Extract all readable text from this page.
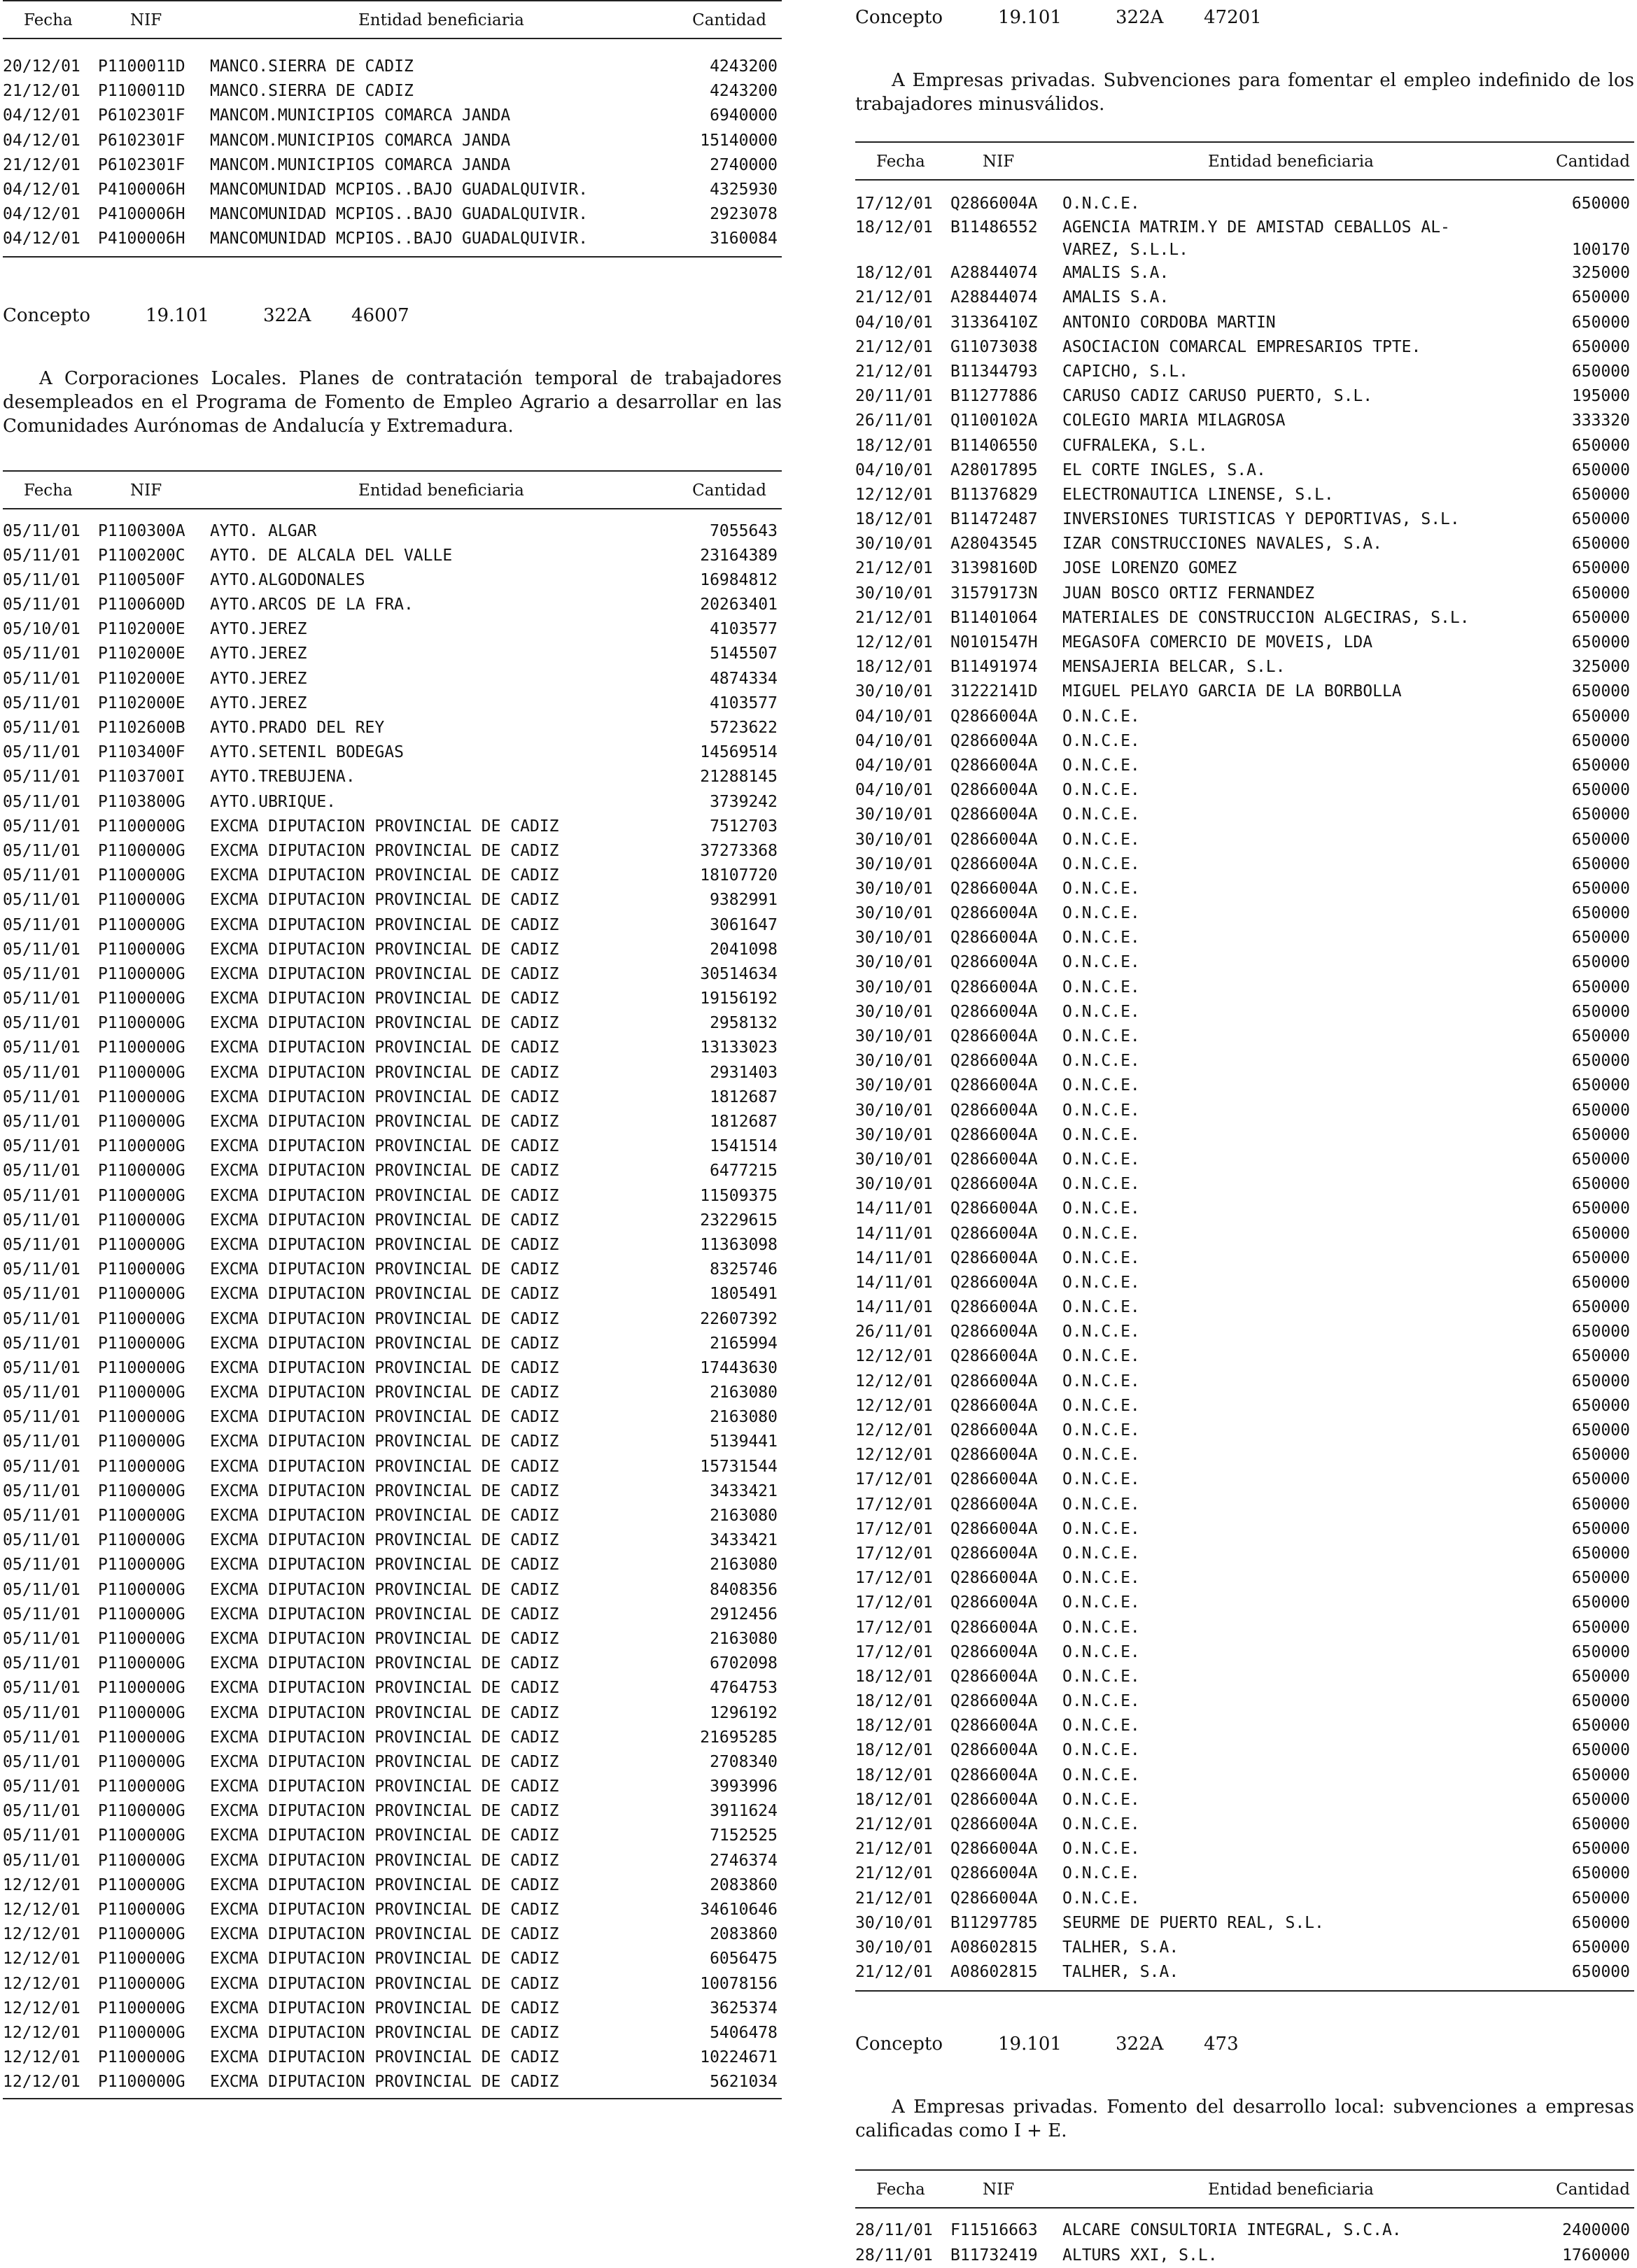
Fecha	NIF	Entidad beneficiaria	Cantidad
20/12/01 P1100011D MANCO.SIERRA DE CADIZ	4243200
21/12/01 P1100011D MANCO.SIERRA DE CADIZ	4243200
04/12/01 P6102301F MANCOM.MUNICIPIOS COMARCA JANDA	6940000
04/12/01 P6102301F MANCOM.MUNICIPIOS COMARCA JANDA	15140000
21/12/01 P6102301F MANCOM.MUNICIPIOS COMARCA JANDA	2740000
04/12/01 P4100006H MANCOMUNIDAD MCPIOS..BAJO GUADALQUIVIR.	4325930
04/12/01 P4100006H MANCOMUNIDAD MCPIOS..BAJO GUADALQUIVIR.	2923078
04/12/01 P4100006H MANCOMUNIDAD MCPIOS..BAJO GUADALQUIVIR.	3160084
Concepto	19.101	322A 46007
A Corporaciones Locales. Planes de contratación temporal de trabajadores desempleados en el Programa de Fomento de Empleo Agrario a desarrollar en las Comunidades Aurónomas de Andalucía y Extremadura.
Fecha	NIF	Entidad beneficiaria	Cantidad
05/11/01 P1100300A AYTO. ALGAR	7055643
05/11/01 P1100200C AYTO. DE ALCALA DEL VALLE	23164389
05/11/01 P1100500F AYTO.ALGODONALES	16984812
05/11/01 P1100600D AYTO.ARCOS DE LA FRA.	20263401
05/10/01 P1102000E AYTO.JEREZ	4103577
05/11/01 P1102000E AYTO.JEREZ	5145507
05/11/01 P1102000E AYTO.JEREZ	4874334
05/11/01 P1102000E AYTO.JEREZ	4103577
05/11/01 P1102600B AYTO.PRADO DEL REY	5723622
05/11/01 P1103400F AYTO.SETENIL BODEGAS	14569514
05/11/01 P1103700I AYTO.TREBUJENA.	21288145
05/11/01 P1103800G AYTO.UBRIQUE.	3739242
05/11/01 P1100000G EXCMA DIPUTACION PROVINCIAL DE CADIZ	7512703
05/11/01 P1100000G EXCMA DIPUTACION PROVINCIAL DE CADIZ	37273368
05/11/01 P1100000G EXCMA DIPUTACION PROVINCIAL DE CADIZ	18107720
05/11/01 P1100000G EXCMA DIPUTACION PROVINCIAL DE CADIZ	9382991
05/11/01 P1100000G EXCMA DIPUTACION PROVINCIAL DE CADIZ	3061647
05/11/01 P1100000G EXCMA DIPUTACION PROVINCIAL DE CADIZ	2041098
05/11/01 P1100000G EXCMA DIPUTACION PROVINCIAL DE CADIZ	30514634
05/11/01 P1100000G EXCMA DIPUTACION PROVINCIAL DE CADIZ	19156192
05/11/01 P1100000G EXCMA DIPUTACION PROVINCIAL DE CADIZ	2958132
05/11/01 P1100000G EXCMA DIPUTACION PROVINCIAL DE CADIZ	13133023
05/11/01 P1100000G EXCMA DIPUTACION PROVINCIAL DE CADIZ	2931403
05/11/01 P1100000G EXCMA DIPUTACION PROVINCIAL DE CADIZ	1812687
05/11/01 P1100000G EXCMA DIPUTACION PROVINCIAL DE CADIZ	1812687
05/11/01 P1100000G EXCMA DIPUTACION PROVINCIAL DE CADIZ	1541514
05/11/01 P1100000G EXCMA DIPUTACION PROVINCIAL DE CADIZ	6477215
05/11/01 P1100000G EXCMA DIPUTACION PROVINCIAL DE CADIZ	11509375
05/11/01 P1100000G EXCMA DIPUTACION PROVINCIAL DE CADIZ	23229615
05/11/01 P1100000G EXCMA DIPUTACION PROVINCIAL DE CADIZ	11363098
05/11/01 P1100000G EXCMA DIPUTACION PROVINCIAL DE CADIZ	8325746
05/11/01 P1100000G EXCMA DIPUTACION PROVINCIAL DE CADIZ	1805491
05/11/01 P1100000G EXCMA DIPUTACION PROVINCIAL DE CADIZ	22607392
05/11/01 P1100000G EXCMA DIPUTACION PROVINCIAL DE CADIZ	2165994
05/11/01 P1100000G EXCMA DIPUTACION PROVINCIAL DE CADIZ	17443630
05/11/01 P1100000G EXCMA DIPUTACION PROVINCIAL DE CADIZ	2163080
05/11/01 P1100000G EXCMA DIPUTACION PROVINCIAL DE CADIZ	2163080
05/11/01 P1100000G EXCMA DIPUTACION PROVINCIAL DE CADIZ	5139441
05/11/01 P1100000G EXCMA DIPUTACION PROVINCIAL DE CADIZ	15731544
05/11/01 P1100000G EXCMA DIPUTACION PROVINCIAL DE CADIZ	3433421
05/11/01 P1100000G EXCMA DIPUTACION PROVINCIAL DE CADIZ	2163080
05/11/01 P1100000G EXCMA DIPUTACION PROVINCIAL DE CADIZ	3433421
05/11/01 P1100000G EXCMA DIPUTACION PROVINCIAL DE CADIZ	2163080
05/11/01 P1100000G EXCMA DIPUTACION PROVINCIAL DE CADIZ	8408356
05/11/01 P1100000G EXCMA DIPUTACION PROVINCIAL DE CADIZ	2912456
05/11/01 P1100000G EXCMA DIPUTACION PROVINCIAL DE CADIZ	2163080
05/11/01 P1100000G EXCMA DIPUTACION PROVINCIAL DE CADIZ	6702098
05/11/01 P1100000G EXCMA DIPUTACION PROVINCIAL DE CADIZ	4764753
05/11/01 P1100000G EXCMA DIPUTACION PROVINCIAL DE CADIZ	1296192
05/11/01 P1100000G EXCMA DIPUTACION PROVINCIAL DE CADIZ	21695285
05/11/01 P1100000G EXCMA DIPUTACION PROVINCIAL DE CADIZ	2708340
05/11/01 P1100000G EXCMA DIPUTACION PROVINCIAL DE CADIZ	3993996
05/11/01 P1100000G EXCMA DIPUTACION PROVINCIAL DE CADIZ	3911624
05/11/01 P1100000G EXCMA DIPUTACION PROVINCIAL DE CADIZ	7152525
05/11/01 P1100000G EXCMA DIPUTACION PROVINCIAL DE CADIZ	2746374
12/12/01 P1100000G EXCMA DIPUTACION PROVINCIAL DE CADIZ	2083860
12/12/01 P1100000G EXCMA DIPUTACION PROVINCIAL DE CADIZ	34610646
12/12/01 P1100000G EXCMA DIPUTACION PROVINCIAL DE CADIZ	2083860
12/12/01 P1100000G EXCMA DIPUTACION PROVINCIAL DE CADIZ	6056475
12/12/01 P1100000G EXCMA DIPUTACION PROVINCIAL DE CADIZ	10078156
12/12/01 P1100000G EXCMA DIPUTACION PROVINCIAL DE CADIZ	3625374
12/12/01 P1100000G EXCMA DIPUTACION PROVINCIAL DE CADIZ	5406478
12/12/01 P1100000G EXCMA DIPUTACION PROVINCIAL DE CADIZ	10224671
12/12/01 P1100000G EXCMA DIPUTACION PROVINCIAL DE CADIZ	5621034
Concepto	19.101	322A 47201
A Empresas privadas. Subvenciones para fomentar el empleo indefinido de los trabajadores minusválidos.
Fecha	NIF	Entidad beneficiaria	Cantidad
17/12/01 Q2866004A O.N.C.E.	650000
18/12/01 B11486552 AGENCIA MATRIM.Y DE AMISTAD CEBALLOS AL-
VAREZ, S.L.L.	100170
18/12/01 A28844074 AMALIS S.A.	325000
21/12/01 A28844074 AMALIS S.A.	650000
04/10/01 31336410Z ANTONIO CORDOBA MARTIN	650000
21/12/01 G11073038 ASOCIACION COMARCAL EMPRESARIOS TPTE.	650000
21/12/01 B11344793 CAPICHO, S.L.	650000
20/11/01 B11277886 CARUSO CADIZ CARUSO PUERTO, S.L.	195000
26/11/01 Q1100102A COLEGIO MARIA MILAGROSA	333320
18/12/01 B11406550 CUFRALEKA, S.L.	650000
04/10/01 A28017895 EL CORTE INGLES, S.A.	650000
12/12/01 B11376829 ELECTRONAUTICA LINENSE, S.L.	650000
18/12/01 B11472487 INVERSIONES TURISTICAS Y DEPORTIVAS, S.L.	650000
30/10/01 A28043545 IZAR CONSTRUCCIONES NAVALES, S.A.	650000
21/12/01 31398160D JOSE LORENZO GOMEZ	650000
30/10/01 31579173N JUAN BOSCO ORTIZ FERNANDEZ	650000
21/12/01 B11401064 MATERIALES DE CONSTRUCCION ALGECIRAS, S.L.	650000
12/12/01 N0101547H MEGASOFA COMERCIO DE MOVEIS, LDA	650000
18/12/01 B11491974 MENSAJERIA BELCAR, S.L.	325000
30/10/01 31222141D MIGUEL PELAYO GARCIA DE LA BORBOLLA	650000
04/10/01 Q2866004A O.N.C.E.	650000
04/10/01 Q2866004A O.N.C.E.	650000
04/10/01 Q2866004A O.N.C.E.	650000
04/10/01 Q2866004A O.N.C.E.	650000
30/10/01 Q2866004A O.N.C.E.	650000
30/10/01 Q2866004A O.N.C.E.	650000
30/10/01 Q2866004A O.N.C.E.	650000
30/10/01 Q2866004A O.N.C.E.	650000
30/10/01 Q2866004A O.N.C.E.	650000
30/10/01 Q2866004A O.N.C.E.	650000
30/10/01 Q2866004A O.N.C.E.	650000
30/10/01 Q2866004A O.N.C.E.	650000
30/10/01 Q2866004A O.N.C.E.	650000
30/10/01 Q2866004A O.N.C.E.	650000
30/10/01 Q2866004A O.N.C.E.	650000
30/10/01 Q2866004A O.N.C.E.	650000
30/10/01 Q2866004A O.N.C.E.	650000
30/10/01 Q2866004A O.N.C.E.	650000
30/10/01 Q2866004A O.N.C.E.	650000
30/10/01 Q2866004A O.N.C.E.	650000
14/11/01 Q2866004A O.N.C.E.	650000
14/11/01 Q2866004A O.N.C.E.	650000
14/11/01 Q2866004A O.N.C.E.	650000
14/11/01 Q2866004A O.N.C.E.	650000
14/11/01 Q2866004A O.N.C.E.	650000
26/11/01 Q2866004A O.N.C.E.	650000
12/12/01 Q2866004A O.N.C.E.	650000
12/12/01 Q2866004A O.N.C.E.	650000
12/12/01 Q2866004A O.N.C.E.	650000
12/12/01 Q2866004A O.N.C.E.	650000
12/12/01 Q2866004A O.N.C.E.	650000
17/12/01 Q2866004A O.N.C.E.	650000
17/12/01 Q2866004A O.N.C.E.	650000
17/12/01 Q2866004A O.N.C.E.	650000
17/12/01 Q2866004A O.N.C.E.	650000
17/12/01 Q2866004A O.N.C.E.	650000
17/12/01 Q2866004A O.N.C.E.	650000
17/12/01 Q2866004A O.N.C.E.	650000
17/12/01 Q2866004A O.N.C.E.	650000
18/12/01 Q2866004A O.N.C.E.	650000
18/12/01 Q2866004A O.N.C.E.	650000
18/12/01 Q2866004A O.N.C.E.	650000
18/12/01 Q2866004A O.N.C.E.	650000
18/12/01 Q2866004A O.N.C.E.	650000
18/12/01 Q2866004A O.N.C.E.	650000
21/12/01 Q2866004A O.N.C.E.	650000
21/12/01 Q2866004A O.N.C.E.	650000
21/12/01 Q2866004A O.N.C.E.	650000
21/12/01 Q2866004A O.N.C.E.	650000
30/10/01 B11297785 SEURME DE PUERTO REAL, S.L.	650000
30/10/01 A08602815 TALHER, S.A.	650000
21/12/01 A08602815 TALHER, S.A.	650000
Concepto	19.101	322A 473
A Empresas privadas. Fomento del desarrollo local: subvenciones a empresas calificadas como I + E.
Fecha	NIF	Entidad beneficiaria	Cantidad
28/11/01 F11516663 ALCARE CONSULTORIA INTEGRAL, S.C.A.	2400000
28/11/01 B11732419 ALTURS XXI, S.L.	1760000
